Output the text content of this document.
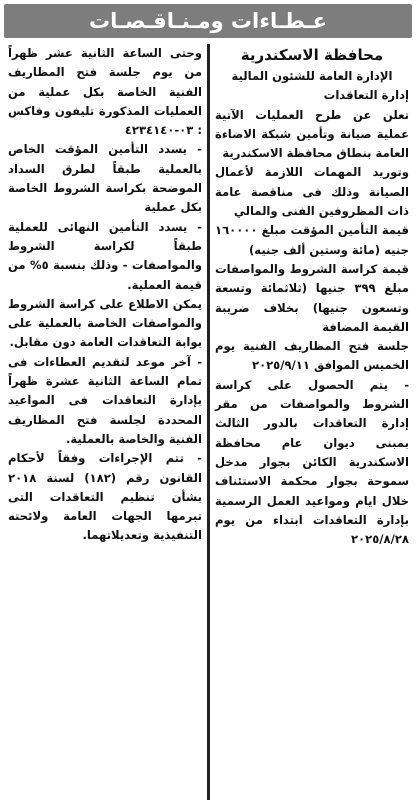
عـطـاءات ومـنـاقـصـات
محافظة الاسكندرية

الإدارة العامة للشئون المالية

إدارة التعاقدات

تعلن عن طرح العمليات الآتية عملية صيانة وتأمين شبكة الاضاءة العامة بنطاق محافظة الاسكندرية

وتوريد المهمات اللازمة لأعمال الصيانة وذلك فى مناقصة عامة ذات المظروفين الفنى والمالي

قيمة التأمين المؤقت مبلغ ١٦٠٠٠٠ جنيه (مائة وستين ألف جنيه)

قيمة كراسة الشروط والمواصفات مبلغ ٣٩٩ جنيها (ثلاثمائة وتسعة وتسعون جنيها) بخلاف ضريبة القيمة المضافة

جلسة فتح المظاريف الفنية يوم الخميس الموافق ٢٠٢٥/٩/١١

- يتم الحصول على كراسة الشروط والمواصفات من مقر إدارة التعاقدات بالدور الثالث بمبنى ديوان عام محافظة الاسكندرية الكائن بجوار مدخل سموحة بجوار محكمة الاستئناف خلال ايام ومواعيد العمل الرسمية بإدارة التعاقدات ابتداء من يوم ٢٠٢٥/٨/٢٨

وحتى الساعة الثانية عشر ظهراً من يوم جلسة فتح المظاريف الفنية الخاصة بكل عملية من العمليات المذكورة تليفون وفاكس : ٠٣-٤٢٣٤١٤٠

- يسدد التأمين المؤقت الخاص بالعملية طبقاً لطرق السداد الموضحة بكراسة الشروط الخاصة بكل عملية

- يسدد التأمين النهائى للعملية طبقاً لكراسة الشروط والمواصفات - وذلك بنسبة ٥% من قيمة العملية.

يمكن الاطلاع على كراسة الشروط والمواصفات الخاصة بالعملية على بوابة التعاقدات العامة دون مقابل.

- آخر موعد لتقديم العطاءات فى تمام الساعة الثانية عشرة ظهراً بإدارة التعاقدات فى المواعيد المحددة لجلسة فتح المظاريف الفنية والخاصة بالعملية.

- تتم الإجراءات وفقاً لأحكام القانون رقم (١٨٢) لسنة ٢٠١٨ بشأن تنظيم التعاقدات التى تبرمها الجهات العامة ولائحته التنفيذية وتعديلاتهما.
